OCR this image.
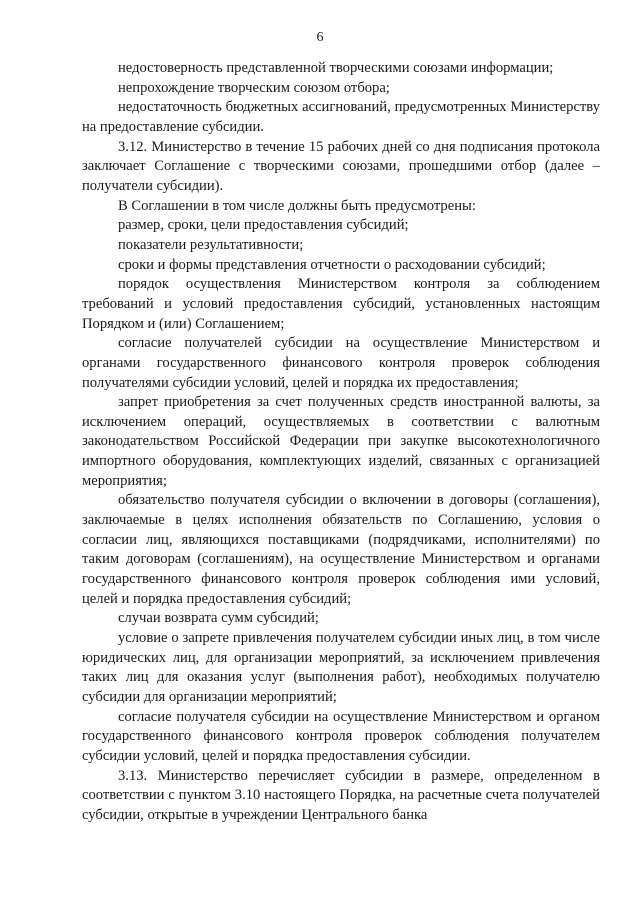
6

недостоверность представленной творческими союзами информации;

непрохождение творческим союзом отбора;

недостаточность бюджетных ассигнований, предусмотренных Министерству на предоставление субсидии.

3.12. Министерство в течение 15 рабочих дней со дня подписания протокола заключает Соглашение с творческими союзами, прошедшими отбор (далее – получатели субсидии).

В Соглашении в том числе должны быть предусмотрены:

размер, сроки, цели предоставления субсидий;

показатели результативности;

сроки и формы представления отчетности о расходовании субсидий;

порядок осуществления Министерством контроля за соблюдением требований и условий предоставления субсидий, установленных настоящим Порядком и (или) Соглашением;

согласие получателей субсидии на осуществление Министерством и органами государственного финансового контроля проверок соблюдения получателями субсидии условий, целей и порядка их предоставления;

запрет приобретения за счет полученных средств иностранной валюты, за исключением операций, осуществляемых в соответствии с валютным законодательством Российской Федерации при закупке высокотехнологичного импортного оборудования, комплектующих изделий, связанных с организацией мероприятия;

обязательство получателя субсидии о включении в договоры (соглашения), заключаемые в целях исполнения обязательств по Соглашению, условия о согласии лиц, являющихся поставщиками (подрядчиками, исполнителями) по таким договорам (соглашениям), на осуществление Министерством и органами государственного финансового контроля проверок соблюдения ими условий, целей и порядка предоставления субсидий;

случаи возврата сумм субсидий;

условие о запрете привлечения получателем субсидии иных лиц, в том числе юридических лиц, для организации мероприятий, за исключением привлечения таких лиц для оказания услуг (выполнения работ), необходимых получателю субсидии для организации мероприятий;

согласие получателя субсидии на осуществление Министерством и органом государственного финансового контроля проверок соблюдения получателем субсидии условий, целей и порядка предоставления субсидии.

3.13. Министерство перечисляет субсидии в размере, определенном в соответствии с пунктом 3.10 настоящего Порядка, на расчетные счета получателей субсидии, открытые в учреждении Центрального банка
